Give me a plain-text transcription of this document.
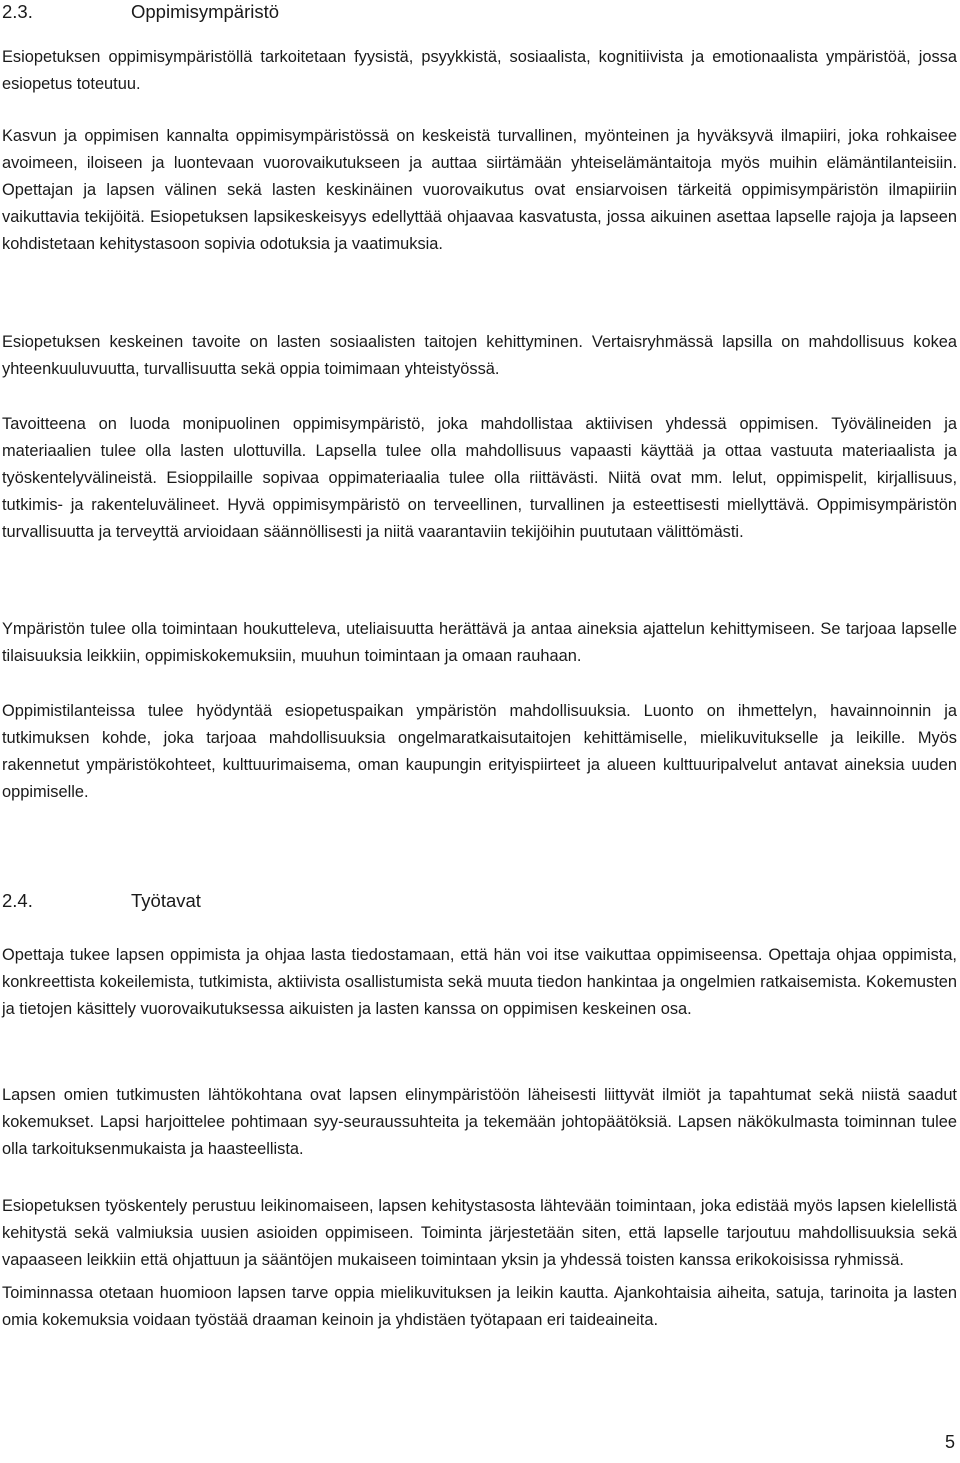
2.3.	Oppimisympäristö

Esiopetuksen oppimisympäristöllä tarkoitetaan fyysistä, psyykkistä, sosiaalista, kognitiivista ja emotionaalista ympäristöä, jossa esiopetus toteutuu.

Kasvun ja oppimisen kannalta oppimisympäristössä on keskeistä turvallinen, myönteinen ja hyväksyvä ilmapiiri, joka rohkaisee avoimeen, iloiseen ja luontevaan vuorovaikutukseen ja auttaa siirtämään yhteiselämäntaitoja myös muihin elämäntilanteisiin. Opettajan ja lapsen välinen sekä lasten keskinäinen vuorovaikutus ovat ensiarvoisen tärkeitä oppimisympäristön ilmapiiriin vaikuttavia tekijöitä. Esiopetuksen lapsikeskeisyys edellyttää ohjaavaa kasvatusta, jossa aikuinen asettaa lapselle rajoja ja lapseen kohdistetaan kehitystasoon sopivia odotuksia ja vaatimuksia.

Esiopetuksen keskeinen tavoite on lasten sosiaalisten taitojen kehittyminen. Vertaisryhmässä lapsilla on mahdollisuus kokea yhteenkuuluvuutta, turvallisuutta sekä oppia toimimaan yhteistyössä.

Tavoitteena on luoda monipuolinen oppimisympäristö, joka mahdollistaa aktiivisen yhdessä oppimisen. Työvälineiden ja materiaalien tulee olla lasten ulottuvilla. Lapsella tulee olla mahdollisuus vapaasti käyttää ja ottaa vastuuta materiaalista ja työskentelyvälineistä. Esioppilaille sopivaa oppimateriaalia tulee olla riittävästi. Niitä ovat mm. lelut, oppimispelit, kirjallisuus, tutkimis- ja rakenteluvälineet. Hyvä oppimisympäristö on terveellinen, turvallinen ja esteettisesti miellyttävä. Oppimisympäristön turvallisuutta ja terveyttä arvioidaan säännöllisesti ja niitä vaarantaviin tekijöihin puututaan välittömästi.

Ympäristön tulee olla toimintaan houkutteleva, uteliaisuutta herättävä ja antaa aineksia ajattelun kehittymiseen. Se tarjoaa lapselle tilaisuuksia leikkiin, oppimiskokemuksiin, muuhun toimintaan ja omaan rauhaan.

Oppimistilanteissa tulee hyödyntää esiopetuspaikan ympäristön mahdollisuuksia. Luonto on ihmettelyn, havainnoinnin ja tutkimuksen kohde, joka tarjoaa mahdollisuuksia ongelmaratkaisutaitojen kehittämiselle, mielikuvitukselle ja leikille. Myös rakennetut ympäristökohteet, kulttuurimaisema, oman kaupungin erityispiirteet ja alueen kulttuuripalvelut antavat aineksia uuden oppimiselle.

2.4.	Työtavat

Opettaja tukee lapsen oppimista ja ohjaa lasta tiedostamaan, että hän voi itse vaikuttaa oppimiseensa. Opettaja ohjaa oppimista, konkreettista kokeilemista, tutkimista, aktiivista osallistumista sekä muuta tiedon hankintaa ja ongelmien ratkaisemista. Kokemusten ja tietojen käsittely vuorovaikutuksessa aikuisten ja lasten kanssa on oppimisen keskeinen osa.

Lapsen omien tutkimusten lähtökohtana ovat lapsen elinympäristöön läheisesti liittyvät ilmiöt ja tapahtumat sekä niistä saadut kokemukset. Lapsi harjoittelee pohtimaan syy-seuraussuhteita ja tekemään johtopäätöksiä. Lapsen näkökulmasta toiminnan tulee olla tarkoituksenmukaista ja haasteellista.

Esiopetuksen työskentely perustuu leikinomaiseen, lapsen kehitystasosta lähtevään toimintaan, joka edistää myös lapsen kielellistä kehitystä sekä valmiuksia uusien asioiden oppimiseen. Toiminta järjestetään siten, että lapselle tarjoutuu mahdollisuuksia sekä vapaaseen leikkiin että ohjattuun ja sääntöjen mukaiseen toimintaan yksin ja yhdessä toisten kanssa erikokoisissa ryhmissä.

Toiminnassa otetaan huomioon lapsen tarve oppia mielikuvituksen ja leikin kautta. Ajankohtaisia aiheita, satuja, tarinoita ja lasten omia kokemuksia voidaan työstää draaman keinoin ja yhdistäen työtapaan eri taideaineita.

5
